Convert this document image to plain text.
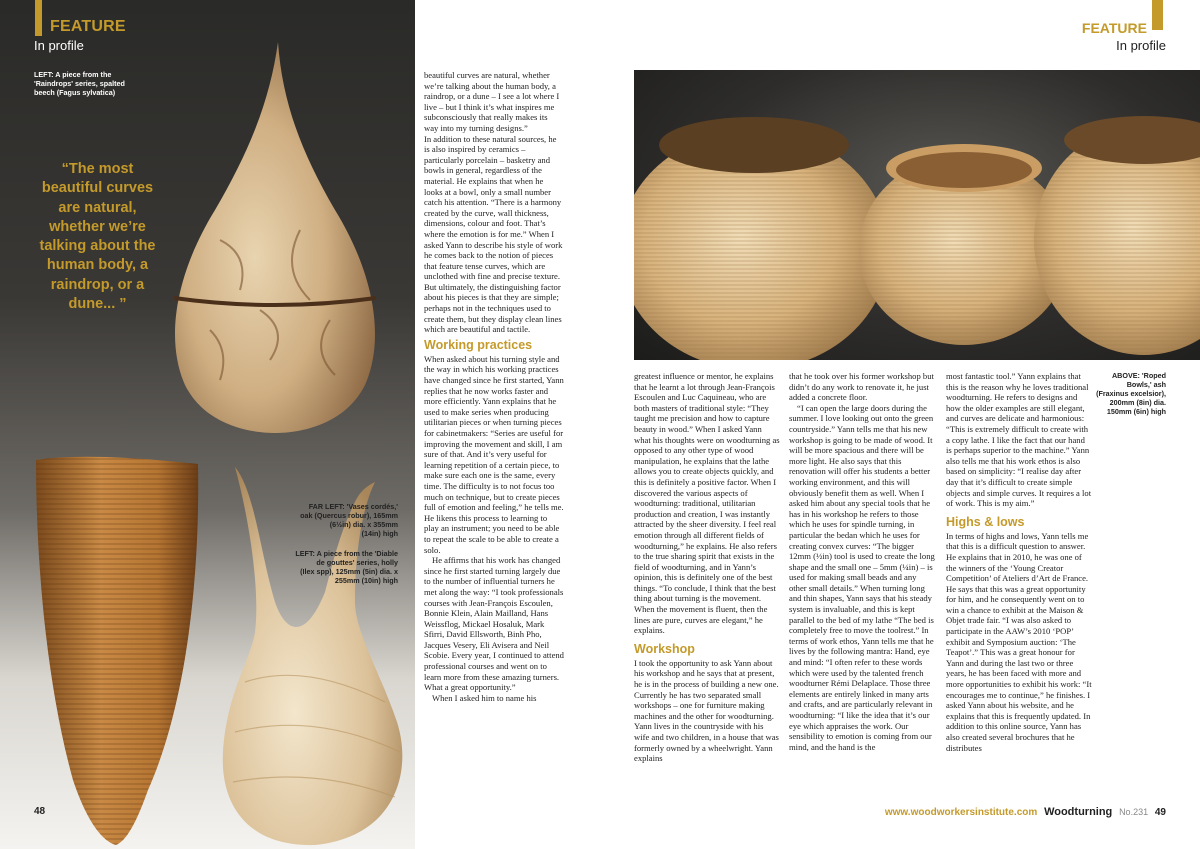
FEATURE
In profile
LEFT: A piece from the
'Raindrops' series, spalted
beech (Fagus sylvatica)
“The most beautiful curves are natural, whether we’re talking about the human body, a raindrop, or a dune... ”
FAR LEFT: 'Vases cordés,'
oak (Quercus robur), 165mm
(6½in) dia. x 355mm
(14in) high
LEFT: A piece from the 'Diable
de gouttes' series, holly
(Ilex spp), 125mm (5in) dia. x
255mm (10in) high
48

beautiful curves are natural, whether we’re talking about the human body, a raindrop, or a dune – I see a lot where I live – but I think it’s what inspires me subconsciously that really makes its way into my turning designs.”

In addition to these natural sources, he is also inspired by ceramics – particularly porcelain – basketry and bowls in general, regardless of the material. He explains that when he looks at a bowl, only a small number catch his attention. “There is a harmony created by the curve, wall thickness, dimensions, colour and foot. That’s where the emotion is for me.” When I asked Yann to describe his style of work he comes back to the notion of pieces that feature tense curves, which are unclothed with fine and precise texture. But ultimately, the distinguishing factor about his pieces is that they are simple; perhaps not in the techniques used to create them, but they display clean lines which are beautiful and tactile.

Working practices

When asked about his turning style and the way in which his working practices have changed since he first started, Yann replies that he now works faster and more efficiently. Yann explains that he used to make series when producing utilitarian pieces or when turning pieces for cabinetmakers: “Series are useful for improving the movement and skill, I am sure of that. And it’s very useful for learning repetition of a certain piece, to make sure each one is the same, every time. The difficulty is to not focus too much on technique, but to create pieces full of emotion and feeling,” he tells me. He likens this process to learning to play an instrument; you need to be able to repeat the scale to be able to create a solo.

He affirms that his work has changed since he first started turning largely due to the number of influential turners he met along the way: “I took professionals courses with Jean-François Escoulen, Bonnie Klein, Alain Mailland, Hans Weissflog, Mickael Hosaluk, Mark Sfirri, David Ellsworth, Binh Pho, Jacques Vesery, Eli Avisera and Neil Scobie. Every year, I continued to attend professional courses and went on to learn more from these amazing turners. What a great opportunity.”

When I asked him to name his

FEATURE
In profile
ABOVE: 'Roped
Bowls,' ash
(Fraxinus excelsior),
200mm (8in) dia.
150mm (6in) high

greatest influence or mentor, he explains that he learnt a lot through Jean-François Escoulen and Luc Caquineau, who are both masters of traditional style: “They taught me precision and how to capture beauty in wood.” When I asked Yann what his thoughts were on woodturning as opposed to any other type of wood manipulation, he explains that the lathe allows you to create objects quickly, and this is definitely a positive factor. When I discovered the various aspects of woodturning: traditional, utilitarian production and creation, I was instantly attracted by the sheer diversity. I feel real emotion through all different fields of woodturning,” he explains. He also refers to the true sharing spirit that exists in the field of woodturning, and in Yann’s opinion, this is definitely one of the best things. “To conclude, I think that the best thing about turning is the movement. When the movement is fluent, then the lines are pure, curves are elegant,” he explains.

Workshop

I took the opportunity to ask Yann about his workshop and he says that at present, he is in the process of building a new one. Currently he has two separated small workshops – one for furniture making machines and the other for woodturning. Yann lives in the countryside with his wife and two children, in a house that was formerly owned by a wheelwright. Yann explains

that he took over his former workshop but didn’t do any work to renovate it, he just added a concrete floor.

“I can open the large doors during the summer. I love looking out onto the green countryside.” Yann tells me that his new workshop is going to be made of wood. It will be more spacious and there will be more light. He also says that this renovation will offer his students a better working environment, and this will obviously benefit them as well. When I asked him about any special tools that he has in his workshop he refers to those which he uses for spindle turning, in particular the bedan which he uses for creating convex curves: “The bigger 12mm (½in) tool is used to create the long shape and the small one – 5mm (¼in) – is used for making small beads and any other small details.” When turning long and thin shapes, Yann says that his steady system is invaluable, and this is kept parallel to the bed of my lathe “The bed is completely free to move the toolrest.” In terms of work ethos, Yann tells me that he lives by the following mantra: Hand, eye and mind: “I often refer to these words which were used by the talented french woodturner Rémi Delaplace. Those three elements are entirely linked in many arts and crafts, and are particularly relevant in woodturning: “I like the idea that it’s our eye which appraises the work. Our sensibility to emotion is coming from our mind, and the hand is the

most fantastic tool.” Yann explains that this is the reason why he loves traditional woodturning. He refers to designs and how the older examples are still elegant, and curves are delicate and harmonious: “This is extremely difficult to create with a copy lathe. I like the fact that our hand is perhaps superior to the machine.” Yann also tells me that his work ethos is also based on simplicity: “I realise day after day that it’s difficult to create simple objects and simple curves. It requires a lot of work. This is my aim.”

Highs & lows

In terms of highs and lows, Yann tells me that this is a difficult question to answer. He explains that in 2010, he was one of the winners of the ‘Young Creator Competition’ of Ateliers d’Art de France. He says that this was a great opportunity for him, and he consequently went on to win a chance to exhibit at the Maison & Objet trade fair. “I was also asked to participate in the AAW’s 2010 ‘POP’ exhibit and Symposium auction: ‘The Teapot’.” This was a great honour for Yann and during the last two or three years, he has been faced with more and more opportunities to exhibit his work: “It encourages me to continue,” he finishes. I asked Yann about his website, and he explains that this is frequently updated. In addition to this online source, Yann has also created several brochures that he distributes

www.woodworkersinstitute.com Woodturning No.231 49
